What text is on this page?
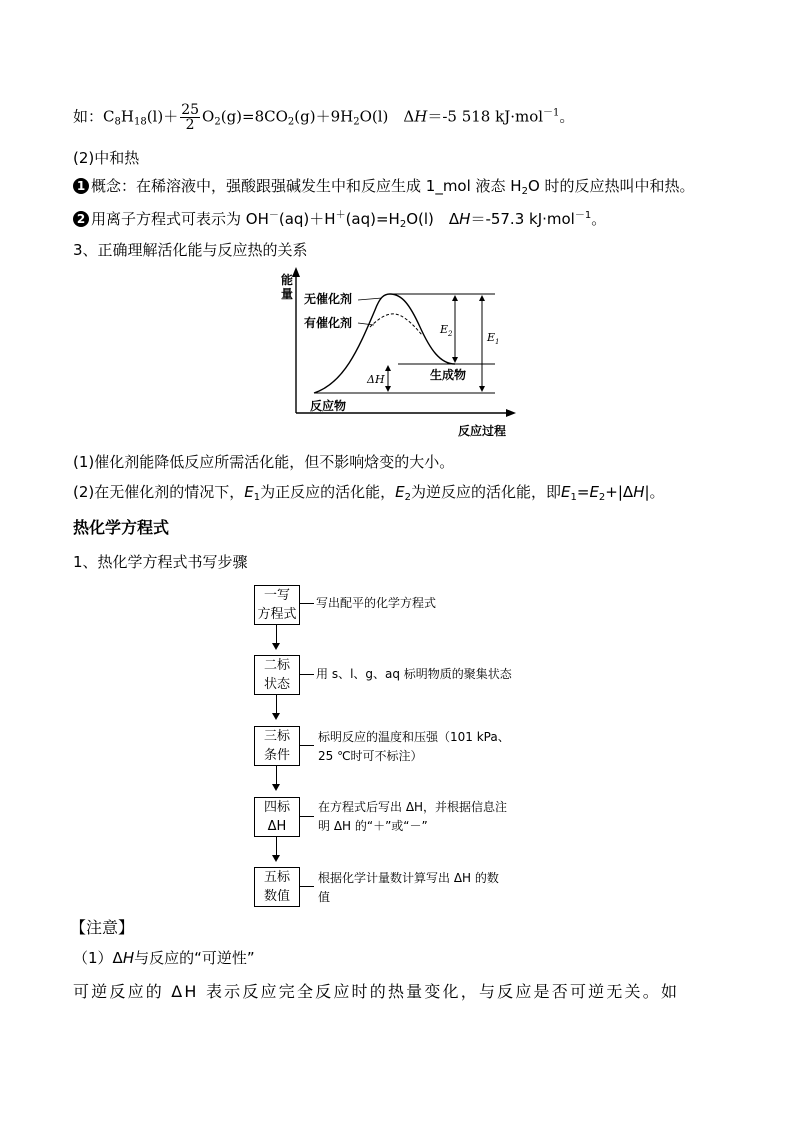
如：$C_8H_{18}(l)+ \frac{25}{2} O_2(g)=8CO_2(g)+9H_2O(l)$　ΔH＝-5 518 kJ·mol$^{-1}$。
(2)中和热
1 概念：在稀溶液中，强酸跟强碱发生中和反应生成 1_mol 液态 $H_2O$ 时的反应热叫中和热。
2 用离子方程式可表示为 $OH^-(aq)+H^+(aq)=H_2O(l)$　ΔH＝-57.3 kJ·mol$^{-1}$。
3、正确理解活化能与反应热的关系
能
量 无催化剂
有催化剂
生成物
反应物
反应过程
$E_2$	$E_1$
ΔH
(1)催化剂能降低反应所需活化能，但不影响焓变的大小。
(2)在无催化剂的情况下，$E_1$为正反应的活化能，$E_2$为逆反应的活化能，即$E_1=E_2+|\Delta H|$。
热化学方程式
1、热化学方程式书写步骤
一写
方程式
写出配平的化学方程式
二标
状态
用 s、l、g、aq 标明物质的聚集状态
三标
条件
标明反应的温度和压强（101 kPa、
25 ℃时可不标注）
四标
ΔH
在方程式后写出 ΔH，并根据信息注
明 ΔH 的“＋”或“－”
五标
数值
根据化学计量数计算写出 ΔH 的数
值
【注意】
（1）ΔH与反应的“可逆性”
可逆反应的 ΔH 表示反应完全反应时的热量变化，与反应是否可逆无关。如
